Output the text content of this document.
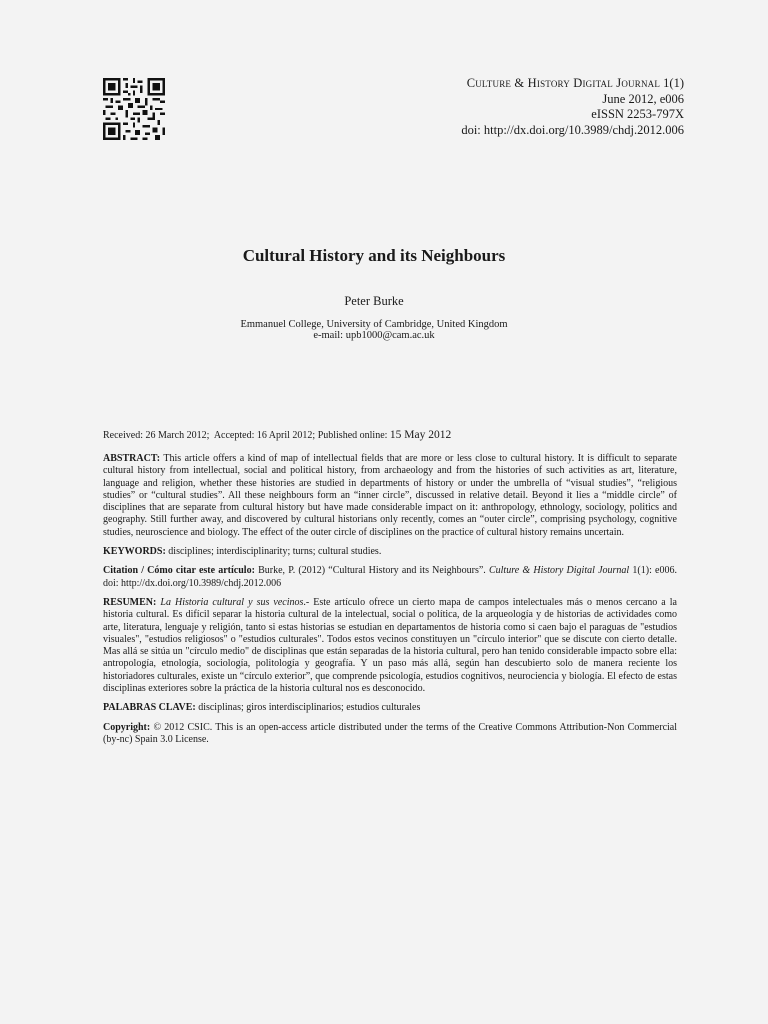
Culture & History Digital Journal 1(1)
June 2012, e006
eISSN 2253-797X
doi: http://dx.doi.org/10.3989/chdj.2012.006
Cultural History and its Neighbours
Peter Burke
Emmanuel College, University of Cambridge, United Kingdom
e-mail: upb1000@cam.ac.uk
Received: 26 March 2012; Accepted: 16 April 2012; Published online: 15 May 2012

ABSTRACT: This article offers a kind of map of intellectual fields that are more or less close to cultural history. It is difficult to separate cultural history from intellectual, social and political history, from archaeology and from the histories of such activities as art, literature, language and religion, whether these histories are studied in departments of history or under the umbrella of “visual studies”, “religious studies” or “cultural studies”. All these neighbours form an “inner circle”, discussed in relative detail. Beyond it lies a “middle circle” of disciplines that are separate from cultural history but have made considerable impact on it: anthropology, ethnology, sociology, politics and geography. Still further away, and discovered by cultural historians only recently, comes an “outer circle”, comprising psychology, cognitive studies, neuroscience and biology. The effect of the outer circle of disciplines on the practice of cultural history remains uncertain.

KEYWORDS: disciplines; interdisciplinarity; turns; cultural studies.

Citation / Cómo citar este artículo: Burke, P. (2012) “Cultural History and its Neighbours”. Culture & History Digital Journal 1(1): e006. doi: http://dx.doi.org/10.3989/chdj.2012.006

RESUMEN: La Historia cultural y sus vecinos.- Este artículo ofrece un cierto mapa de campos intelectuales más o menos cercano a la historia cultural. Es difícil separar la historia cultural de la intelectual, social o política, de la arqueología y de historias de actividades como arte, literatura, lenguaje y religión, tanto si estas historias se estudian en departamentos de historia como si caen bajo el paraguas de "estudios visuales", "estudios religiosos" o "estudios culturales". Todos estos vecinos constituyen un "círculo interior" que se discute con cierto detalle. Mas allá se sitúa un "círculo medio" de disciplinas que están separadas de la historia cultural, pero han tenido considerable impacto sobre ella: antropología, etnología, sociología, politología y geografía. Y un paso más allá, según han descubierto solo de manera reciente los historiadores culturales, existe un “círculo exterior”, que comprende psicología, estudios cognitivos, neurociencia y biología. El efecto de estas disciplinas exteriores sobre la práctica de la historia cultural nos es desconocido.

PALABRAS CLAVE: disciplinas; giros interdisciplinarios; estudios culturales

Copyright: © 2012 CSIC. This is an open-access article distributed under the terms of the Creative Commons Attribution-Non Commercial (by-nc) Spain 3.0 License.
